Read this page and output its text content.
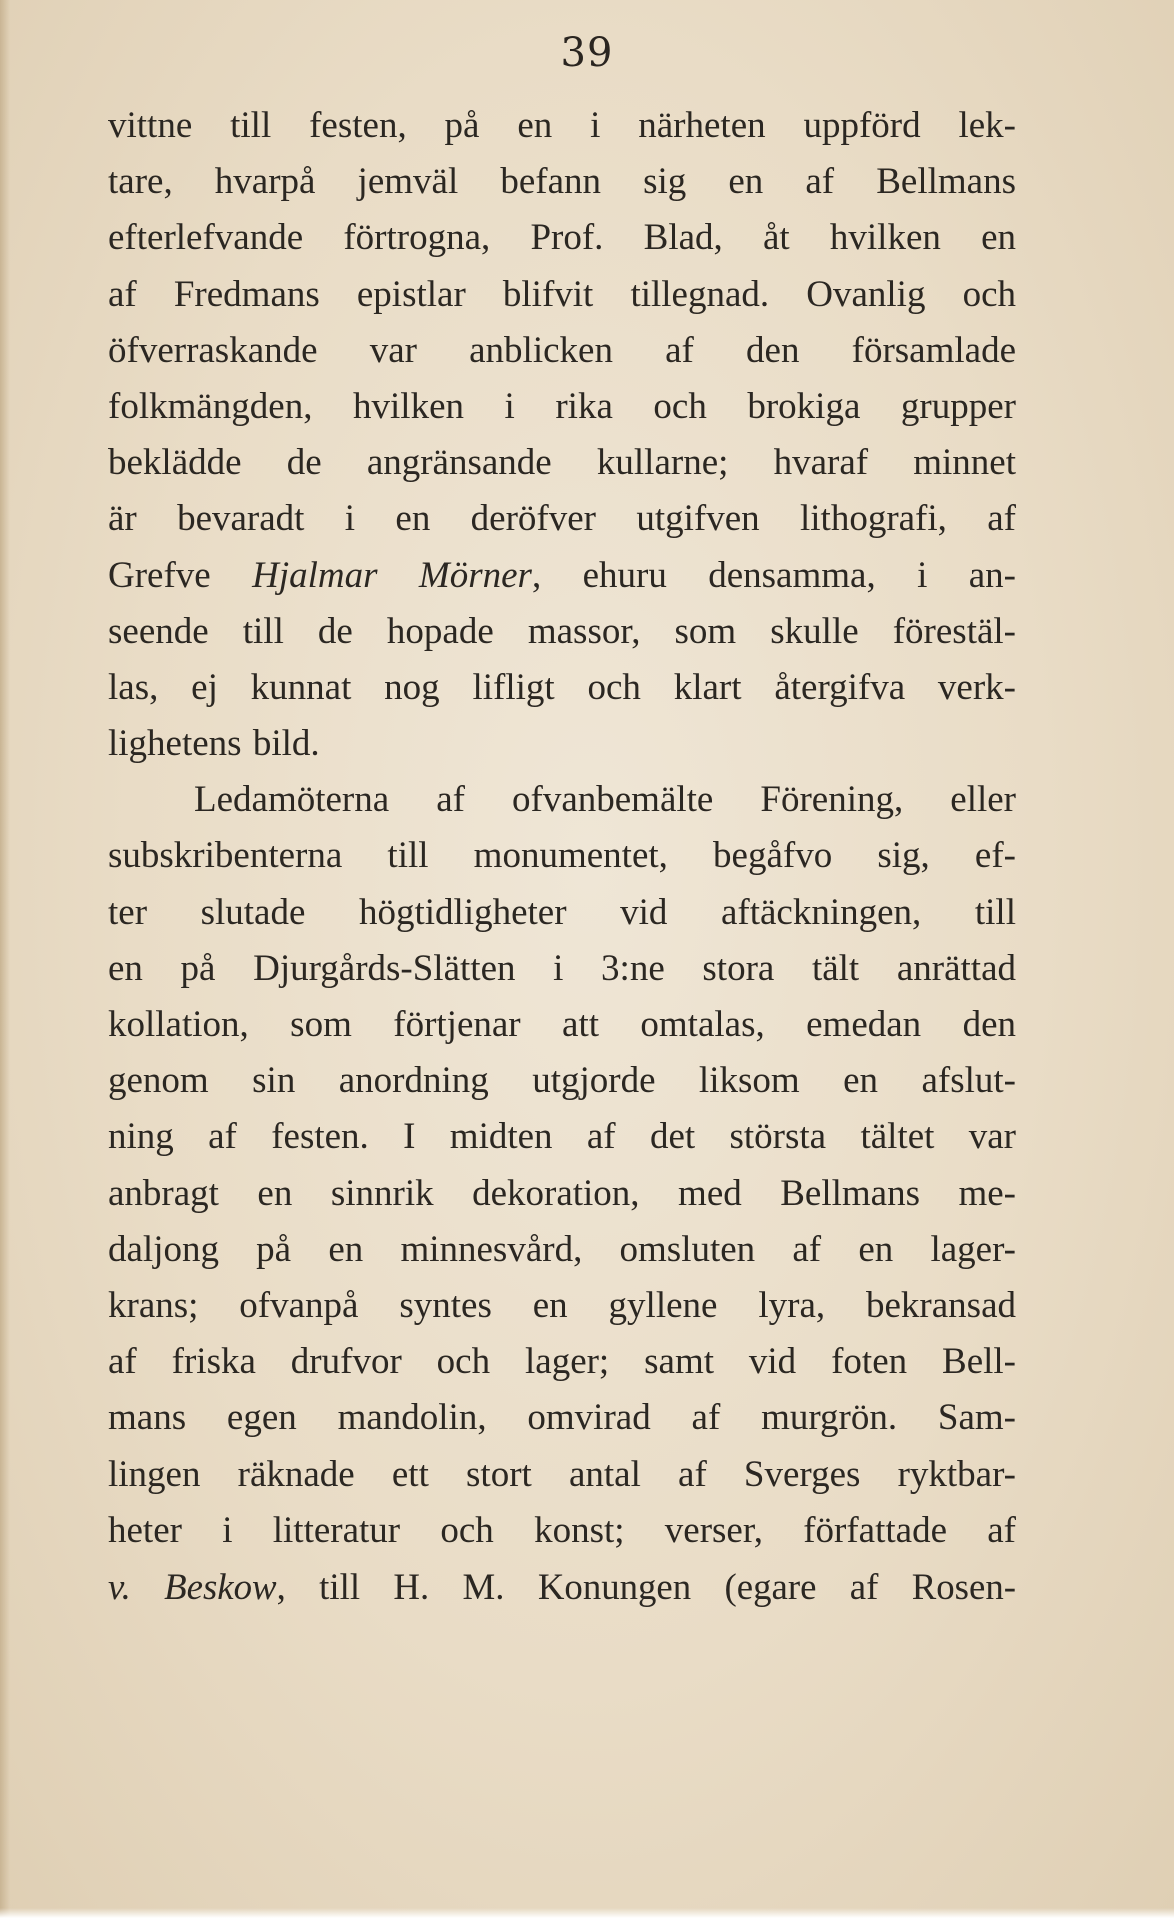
39
vittne till festen, på en i närheten uppförd lek-
tare, hvarpå jemväl befann sig en af Bellmans
efterlefvande förtrogna, Prof. Blad, åt hvilken en
af Fredmans epistlar blifvit tillegnad. Ovanlig och
öfverraskande var anblicken af den församlade
folkmängden, hvilken i rika och brokiga grupper
beklädde de angränsande kullarne; hvaraf minnet
är bevaradt i en deröfver utgifven lithografi, af
Grefve Hjalmar Mörner, ehuru densamma, i an-
seende till de hopade massor, som skulle förestäl-
las, ej kunnat nog lifligt och klart återgifva verk-
lighetens bild.
Ledamöterna af ofvanbemälte Förening, eller
subskribenterna till monumentet, begåfvo sig, ef-
ter slutade högtidligheter vid aftäckningen, till
en på Djurgårds-Slätten i 3:ne stora tält anrättad
kollation, som förtjenar att omtalas, emedan den
genom sin anordning utgjorde liksom en afslut-
ning af festen. I midten af det största tältet var
anbragt en sinnrik dekoration, med Bellmans me-
daljong på en minnesvård, omsluten af en lager-
krans; ofvanpå syntes en gyllene lyra, bekransad
af friska drufvor och lager; samt vid foten Bell-
mans egen mandolin, omvirad af murgrön. Sam-
lingen räknade ett stort antal af Sverges ryktbar-
heter i litteratur och konst; verser, författade af
v. Beskow, till H. M. Konungen (egare af Rosen-
